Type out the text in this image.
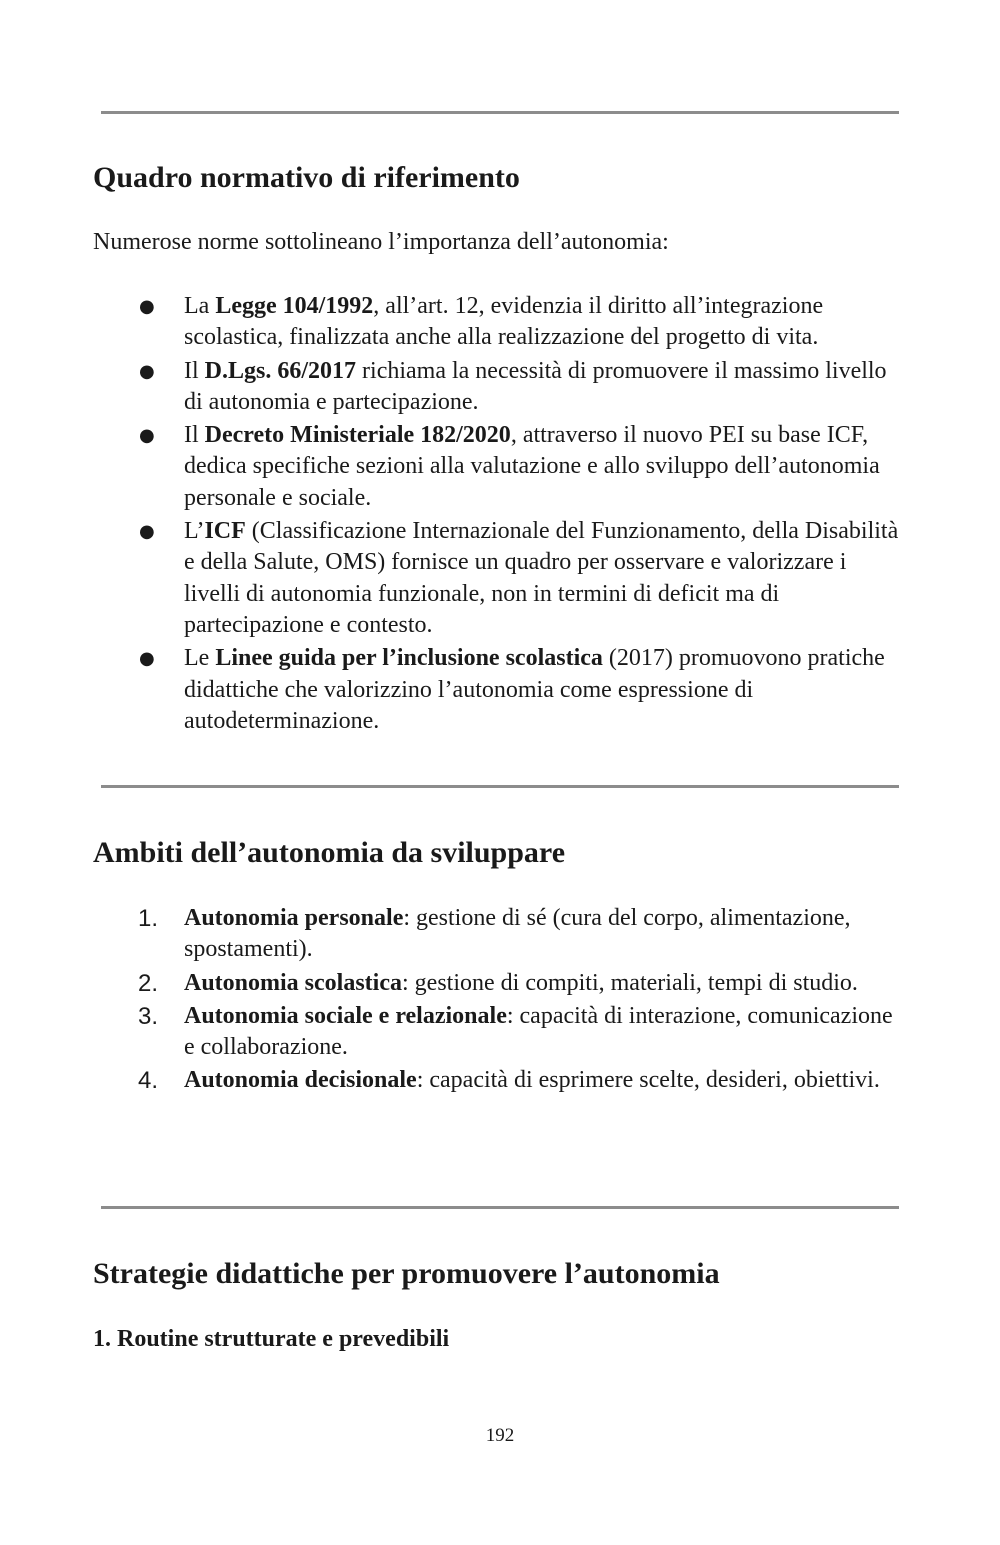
Quadro normativo di riferimento

Numerose norme sottolineano l’importanza dell’autonomia:

● La Legge 104/1992, all’art. 12, evidenzia il diritto all’integrazione scolastica, finalizzata anche alla realizzazione del progetto di vita.
● Il D.Lgs. 66/2017 richiama la necessità di promuovere il massimo livello di autonomia e partecipazione.
● Il Decreto Ministeriale 182/2020, attraverso il nuovo PEI su base ICF, dedica specifiche sezioni alla valutazione e allo sviluppo dell’autonomia personale e sociale.
● L’ICF (Classificazione Internazionale del Funzionamento, della Disabilità e della Salute, OMS) fornisce un quadro per osservare e valorizzare i livelli di autonomia funzionale, non in termini di deficit ma di partecipazione e contesto.
● Le Linee guida per l’inclusione scolastica (2017) promuovono pratiche didattiche che valorizzino l’autonomia come espressione di autodeterminazione.
Ambiti dell’autonomia da sviluppare
1. Autonomia personale: gestione di sé (cura del corpo, alimentazione, spostamenti).
2. Autonomia scolastica: gestione di compiti, materiali, tempi di studio.
3. Autonomia sociale e relazionale: capacità di interazione, comunicazione e collaborazione.
4. Autonomia decisionale: capacità di esprimere scelte, desideri, obiettivi.
Strategie didattiche per promuovere l’autonomia
1. Routine strutturate e prevedibili
192
